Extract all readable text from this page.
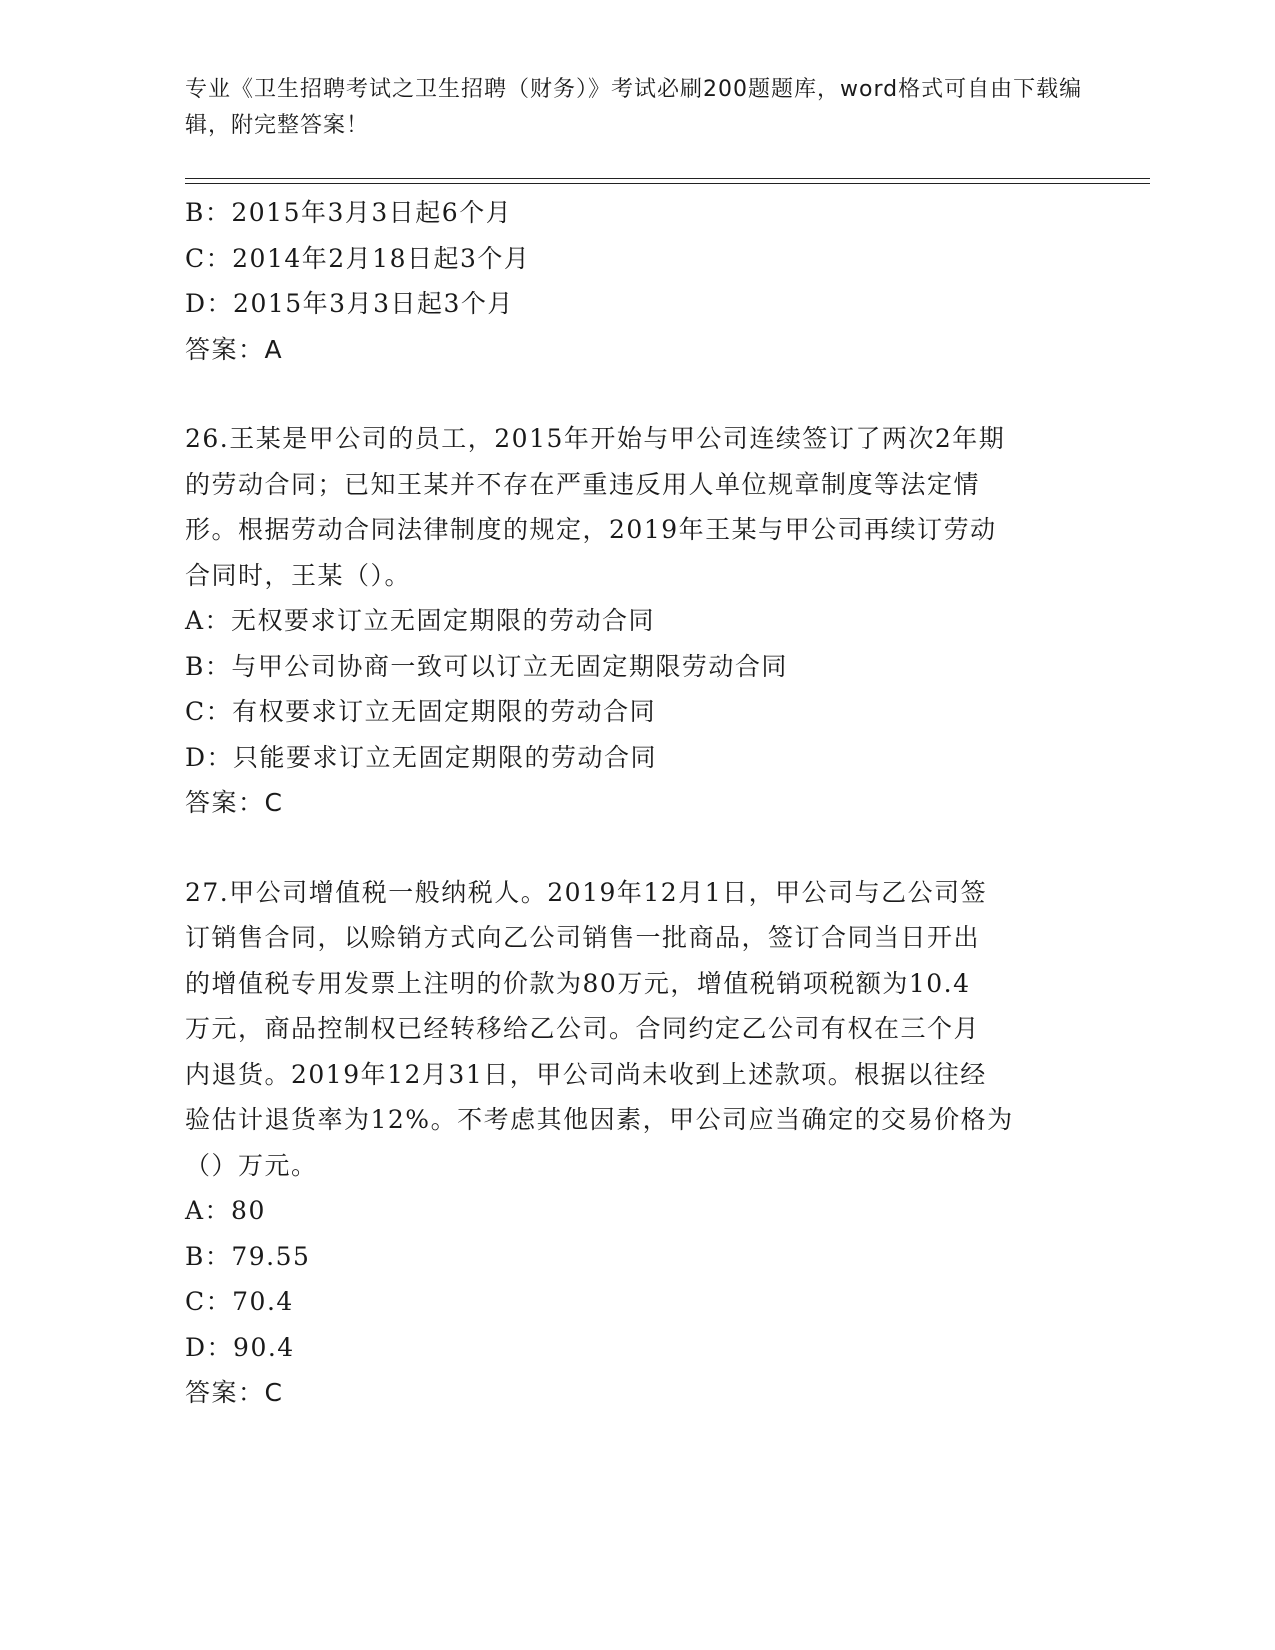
专业《卫生招聘考试之卫生招聘（财务）》考试必刷200题题库，word格式可自由下载编辑，附完整答案！
B：2015年3月3日起6个月
C：2014年2月18日起3个月
D：2015年3月3日起3个月
答案：A
26.王某是甲公司的员工，2015年开始与甲公司连续签订了两次2年期
的劳动合同；已知王某并不存在严重违反用人单位规章制度等法定情
形。根据劳动合同法律制度的规定，2019年王某与甲公司再续订劳动
合同时，王某（）。
A：无权要求订立无固定期限的劳动合同
B：与甲公司协商一致可以订立无固定期限劳动合同
C：有权要求订立无固定期限的劳动合同
D：只能要求订立无固定期限的劳动合同
答案：C
27.甲公司增值税一般纳税人。2019年12月1日，甲公司与乙公司签
订销售合同，以赊销方式向乙公司销售一批商品，签订合同当日开出
的增值税专用发票上注明的价款为80万元，增值税销项税额为10.4
万元，商品控制权已经转移给乙公司。合同约定乙公司有权在三个月
内退货。2019年12月31日，甲公司尚未收到上述款项。根据以往经
验估计退货率为12%。不考虑其他因素，甲公司应当确定的交易价格为
（）万元。
A：80
B：79.55
C：70.4
D：90.4
答案：C
